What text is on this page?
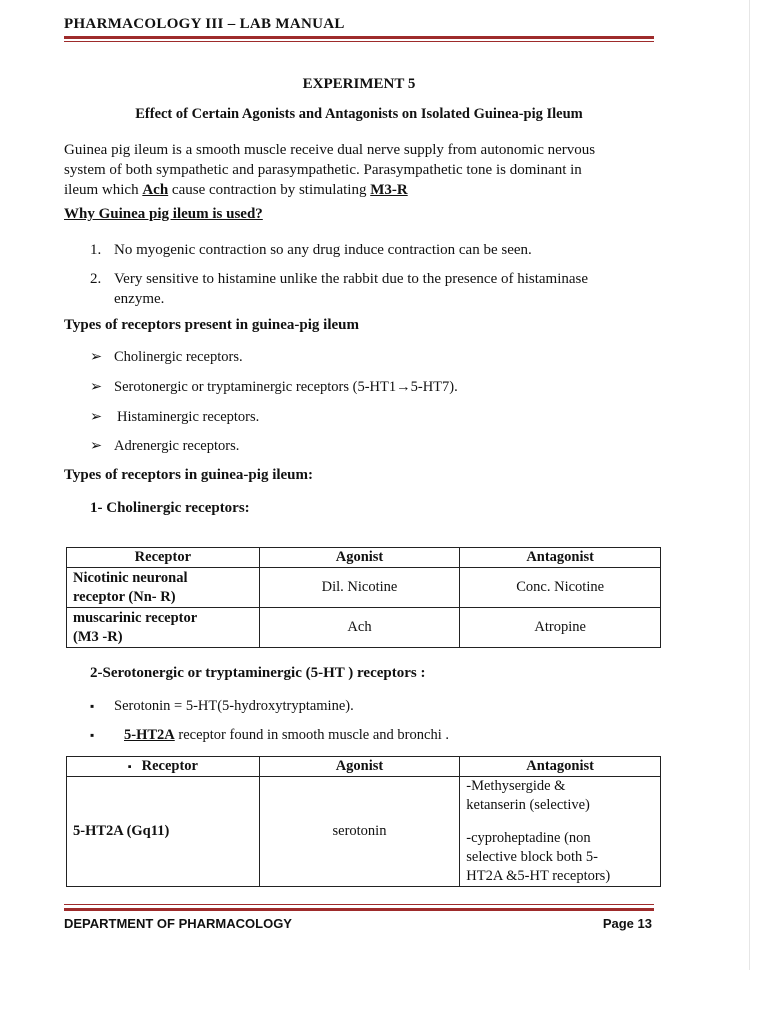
PHARMACOLOGY III – LAB MANUAL
EXPERIMENT 5
Effect of Certain Agonists and Antagonists on Isolated Guinea-pig Ileum
Guinea pig ileum is a smooth muscle receive dual nerve supply from autonomic nervous
system of both sympathetic and parasympathetic. Parasympathetic tone is dominant in
ileum which Ach cause contraction by stimulating M3-R
Why Guinea pig ileum is used?
1. No myogenic contraction so any drug induce contraction can be seen.
2. Very sensitive to histamine unlike the rabbit due to the presence of histaminase enzyme.
Types of receptors present in guinea-pig ileum
➢ Cholinergic receptors.
➢ Serotonergic or tryptaminergic receptors (5-HT1→5-HT7).
➢ Histaminergic receptors.
➢ Adrenergic receptors.
Types of receptors in guinea-pig ileum:
1- Cholinergic receptors:
Receptor	Agonist	Antagonist

Nicotinic neuronal
receptor (Nn- R)	Dil. Nicotine	Conc. Nicotine

muscarinic receptor
(M3 -R)	Ach	Atropine
2-Serotonergic or tryptaminergic (5-HT ) receptors :
▪ Serotonin = 5-HT(5-hydroxytryptamine).
▪ 5-HT2A receptor found in smooth muscle and bronchi .
▪ Receptor	Agonist	Antagonist
5-HT2A (Gq11)	serotonin	-Methysergide &
ketanserin (selective)
-cyproheptadine (non
selective block both 5-
HT2A &5-HT receptors)
DEPARTMENT OF PHARMACOLOGY	Page 13
